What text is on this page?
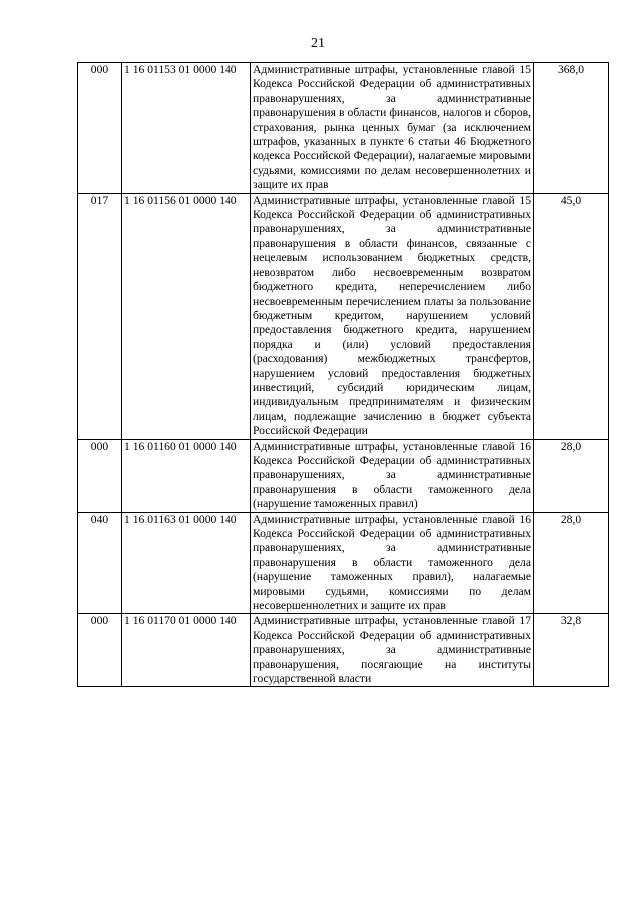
21
000	1 16 01153 01 0000 140	Административные штрафы, установленные главой 15 Кодекса Российской Федерации об административных правонарушениях, за административные правонарушения в области финансов, налогов и сборов, страхования, рынка ценных бумаг (за исключением штрафов, указанных в пункте 6 статьи 46 Бюджетного кодекса Российской Федерации), налагаемые мировыми судьями, комиссиями по делам несовершеннолетних и защите их прав	368,0
017	1 16 01156 01 0000 140	Административные штрафы, установленные главой 15 Кодекса Российской Федерации об административных правонарушениях, за административные правонарушения в области финансов, связанные с нецелевым использованием бюджетных средств, невозвратом либо несвоевременным возвратом бюджетного кредита, неперечислением либо несвоевременным перечислением платы за пользование бюджетным кредитом, нарушением условий предоставления бюджетного кредита, нарушением порядка и (или) условий предоставления (расходования) межбюджетных трансфертов, нарушением условий предоставления бюджетных инвестиций, субсидий юридическим лицам, индивидуальным предпринимателям и физическим лицам, подлежащие зачислению в бюджет субъекта Российской Федерации	45,0
000	1 16 01160 01 0000 140	Административные штрафы, установленные главой 16 Кодекса Российской Федерации об административных правонарушениях, за административные правонарушения в области таможенного дела (нарушение таможенных правил)	28,0
040	1 16 01163 01 0000 140	Административные штрафы, установленные главой 16 Кодекса Российской Федерации об административных правонарушениях, за административные правонарушения в области таможенного дела (нарушение таможенных правил), налагаемые мировыми судьями, комиссиями по делам несовершеннолетних и защите их прав	28,0
000	1 16 01170 01 0000 140	Административные штрафы, установленные главой 17 Кодекса Российской Федерации об административных правонарушениях, за административные правонарушения, посягающие на институты государственной власти	32,8
